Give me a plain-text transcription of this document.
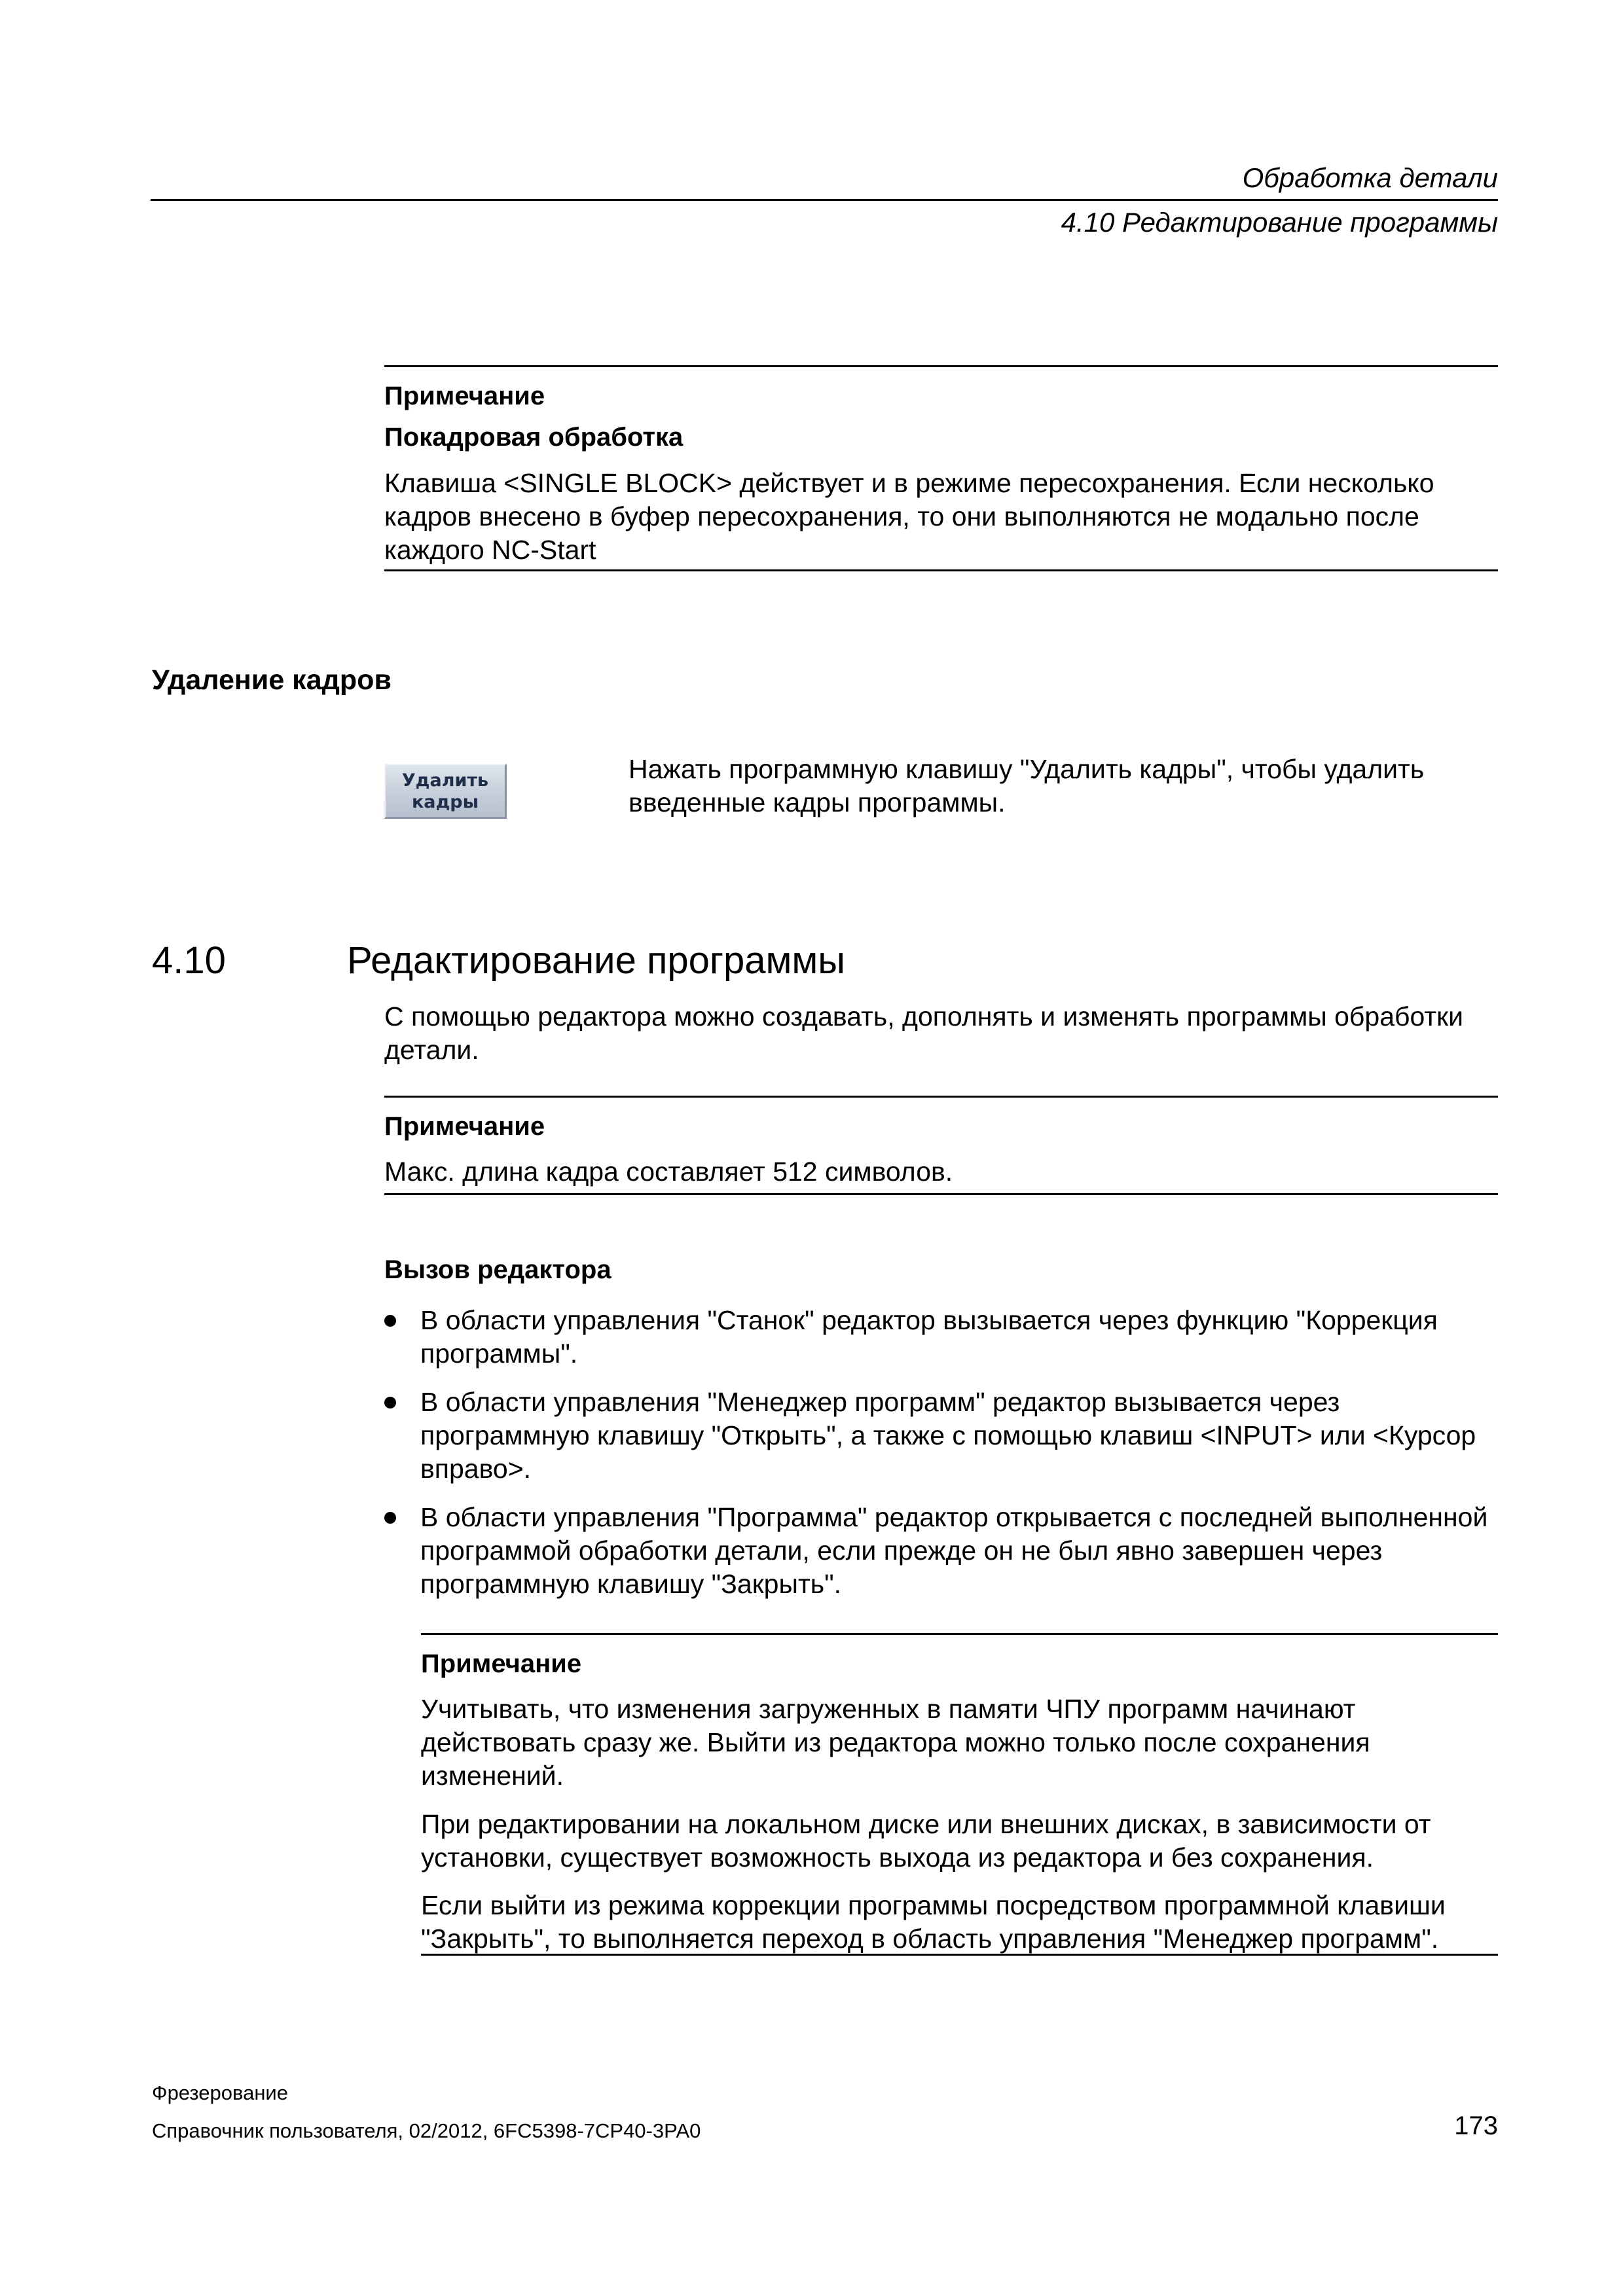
Обработка детали
4.10 Редактирование программы
Примечание
Покадровая обработка

Клавиша <SINGLE BLOCK> действует и в режиме пересохранения. Если несколько кадров внесено в буфер пересохранения, то они выполняются не модально после каждого NC-Start

Удаление кадров
Удалить
кадры

Нажать программную клавишу "Удалить кадры", чтобы удалить введенные кадры программы.

4.10	Редактирование программы

С помощью редактора можно создавать, дополнять и изменять программы обработки детали.

Примечание

Макс. длина кадра составляет 512 символов.

Вызов редактора
В области управления "Станок" редактор вызывается через функцию "Коррекция программы".
В области управления "Менеджер программ" редактор вызывается через программную клавишу "Открыть", а также с помощью клавиш <INPUT> или <Курсор вправо>.
В области управления "Программа" редактор открывается с последней выполненной программой обработки детали, если прежде он не был явно завершен через программную клавишу "Закрыть".
Примечание

Учитывать, что изменения загруженных в памяти ЧПУ программ начинают действовать сразу же. Выйти из редактора можно только после сохранения изменений.

При редактировании на локальном диске или внешних дисках, в зависимости от установки, существует возможность выхода из редактора и без сохранения.

Если выйти из режима коррекции программы посредством программной клавиши "Закрыть", то выполняется переход в область управления "Менеджер программ".

Фрезерование
Справочник пользователя, 02/2012, 6FC5398-7CP40-3PA0	173
